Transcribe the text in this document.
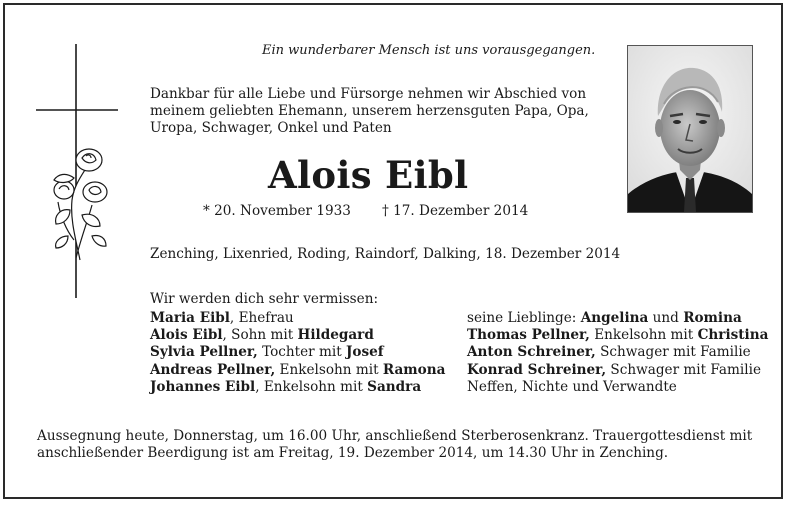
Ein wunderbarer Mensch ist uns vorausgegangen.
Dankbar für alle Liebe und Fürsorge nehmen wir Abschied von
meinem geliebten Ehemann, unserem herzensguten Papa, Opa,
Uropa, Schwager, Onkel und Paten
Alois Eibl
* 20. November 1933 † 17. Dezember 2014
Zenching, Lixenried, Roding, Raindorf, Dalking, 18. Dezember 2014
Wir werden dich sehr vermissen:
Maria Eibl, Ehefrau
Alois Eibl, Sohn mit Hildegard
Sylvia Pellner, Tochter mit Josef
Andreas Pellner, Enkelsohn mit Ramona
Johannes Eibl, Enkelsohn mit Sandra
seine Lieblinge: Angelina und Romina
Thomas Pellner, Enkelsohn mit Christina
Anton Schreiner, Schwager mit Familie
Konrad Schreiner, Schwager mit Familie
Neffen, Nichte und Verwandte
Aussegnung heute, Donnerstag, um 16.00 Uhr, anschließend Sterberosenkranz. Trauergottesdienst mit
anschließender Beerdigung ist am Freitag, 19. Dezember 2014, um 14.30 Uhr in Zenching.
